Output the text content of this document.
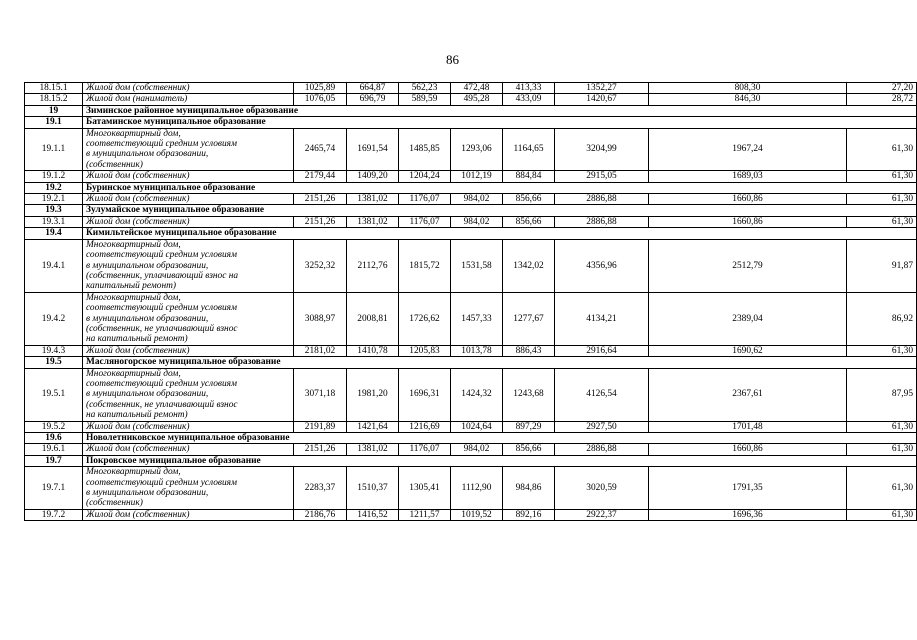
86
18.15.1	Жилой дом (собственник)	1025,89	664,87	562,23	472,48	413,33	1352,27	808,30	27,20
18.15.2	Жилой дом (наниматель)	1076,05	696,79	589,59	495,28	433,09	1420,67	846,30	28,72
19	Зиминское районное муниципальное образование								
19.1	Батаминское муниципальное образование								
19.1.1	Многоквартирный дом,
соответствующий средним условиям
в муниципальном образовании,
(собственник)	2465,74	1691,54	1485,85	1293,06	1164,65	3204,99	1967,24	61,30
19.1.2	Жилой дом (собственник)	2179,44	1409,20	1204,24	1012,19	884,84	2915,05	1689,03	61,30
19.2	Буринское муниципальное образование								
19.2.1	Жилой дом (собственник)	2151,26	1381,02	1176,07	984,02	856,66	2886,88	1660,86	61,30
19.3	Зулумайское муниципальное образование								
19.3.1	Жилой дом (собственник)	2151,26	1381,02	1176,07	984,02	856,66	2886,88	1660,86	61,30
19.4	Кимильтейское муниципальное образование								
19.4.1	Многоквартирный дом,
соответствующий средним условиям
в муниципальном образовании,
(собственник, уплачивающий взнос на
капитальный ремонт)	3252,32	2112,76	1815,72	1531,58	1342,02	4356,96	2512,79	91,87
19.4.2	Многоквартирный дом,
соответствующий средним условиям
в муниципальном образовании,
(собственник, не уплачивающий взнос
на капитальный ремонт)	3088,97	2008,81	1726,62	1457,33	1277,67	4134,21	2389,04	86,92
19.4.3	Жилой дом (собственник)	2181,02	1410,78	1205,83	1013,78	886,43	2916,64	1690,62	61,30
19.5	Масляногорское муниципальное образование								
19.5.1	Многоквартирный дом,
соответствующий средним условиям
в муниципальном образовании,
(собственник, не уплачивающий взнос
на капитальный ремонт)	3071,18	1981,20	1696,31	1424,32	1243,68	4126,54	2367,61	87,95
19.5.2	Жилой дом (собственник)	2191,89	1421,64	1216,69	1024,64	897,29	2927,50	1701,48	61,30
19.6	Новолетниковское муниципальное образование								
19.6.1	Жилой дом (собственник)	2151,26	1381,02	1176,07	984,02	856,66	2886,88	1660,86	61,30
19.7	Покровское муниципальное образование								
19.7.1	Многоквартирный дом,
соответствующий средним условиям
в муниципальном образовании,
(собственник)	2283,37	1510,37	1305,41	1112,90	984,86	3020,59	1791,35	61,30
19.7.2	Жилой дом (собственник)	2186,76	1416,52	1211,57	1019,52	892,16	2922,37	1696,36	61,30
